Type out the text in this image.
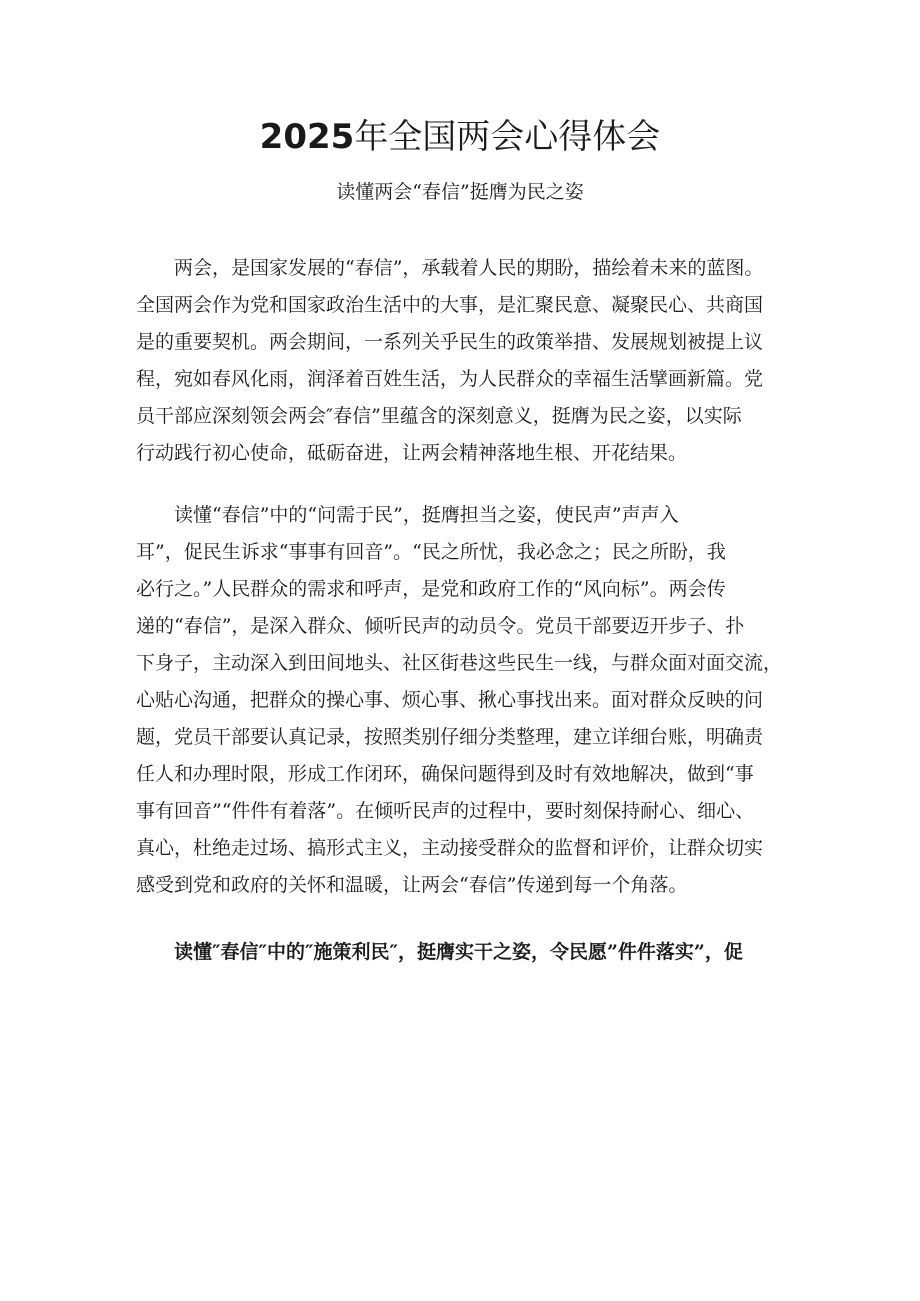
2025年全国两会心得体会

读懂两会“春信”挺膺为民之姿

两会，是国家发展的“春信”，承载着人民的期盼，描绘着未来的蓝图。
全国两会作为党和国家政治生活中的大事，是汇聚民意、凝聚民心、共商国
是的重要契机。两会期间，一系列关乎民生的政策举措、发展规划被提上议
程，宛如春风化雨，润泽着百姓生活，为人民群众的幸福生活擘画新篇。党
员干部应深刻领会两会″春信”里蕴含的深刻意义，挺膺为民之姿，以实际
行动践行初心使命，砥砺奋进，让两会精神落地生根、开花结果。

读懂“春信”中的“问需于民”，挺膺担当之姿，使民声”声声入
耳”，促民生诉求“事事有回音”。“民之所忧，我必念之；民之所盼，我
必行之。”人民群众的需求和呼声，是党和政府工作的“风向标”。两会传
递的“春信”，是深入群众、倾听民声的动员令。党员干部要迈开步子、扑
下身子，主动深入到田间地头、社区街巷这些民生一线，与群众面对面交流，
心贴心沟通，把群众的操心事、烦心事、揪心事找出来。面对群众反映的问
题，党员干部要认真记录，按照类别仔细分类整理，建立详细台账，明确责
任人和办理时限，形成工作闭环，确保问题得到及时有效地解决，做到“事
事有回音”“件件有着落”。在倾听民声的过程中，要时刻保持耐心、细心、
真心，杜绝走过场、搞形式主义，主动接受群众的监督和评价，让群众切实
感受到党和政府的关怀和温暖，让两会“春信”传递到每一个角落。

读懂″春信″中的″施策利民″，挺膺实干之姿，令民愿”件件落实”，促
